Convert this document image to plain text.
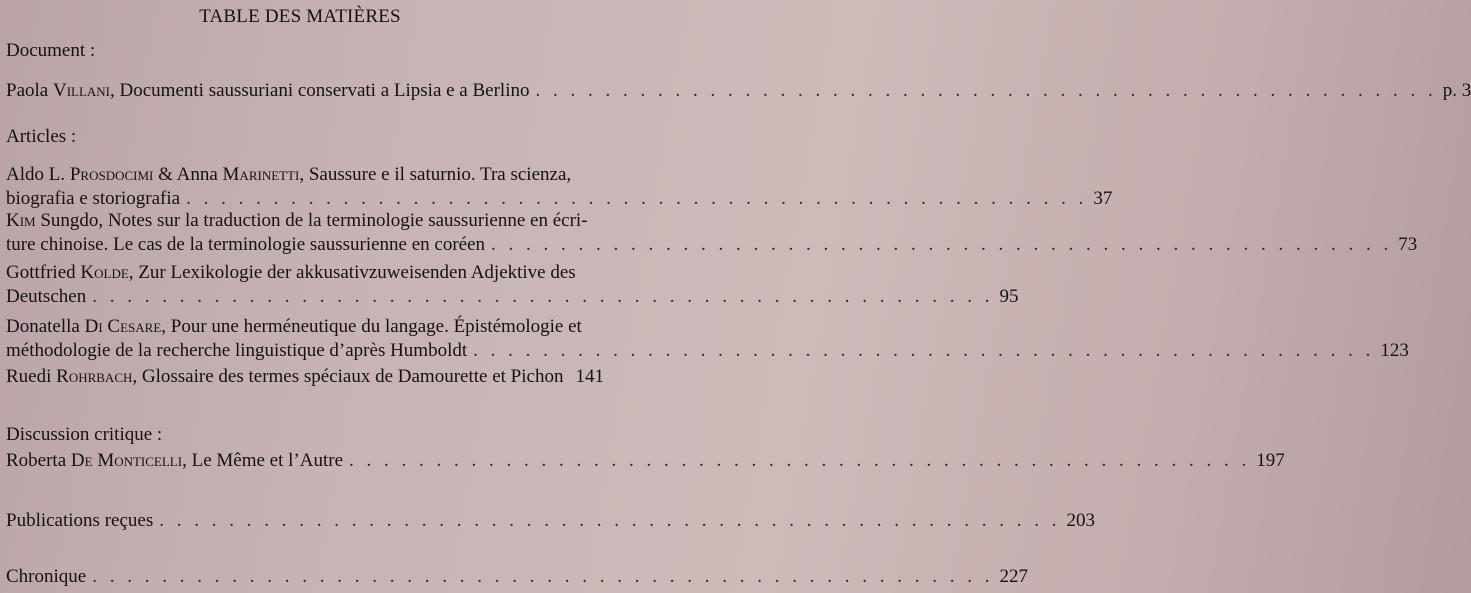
TABLE DES MATIÈRES
Document :
Paola Villani, Documenti saussuriani conservati a Lipsia e a Berlino . . . . . . . . . . . . . . . . . . . . . . . . . . . . . . . . . . . . . . . . . . . . . . . . . . . . p. 3
Articles :
Aldo L. Prosdocimi & Anna Marinetti, Saussure e il saturnio. Tra scienza,
biografia e storiografia . . . . . . . . . . . . . . . . . . . . . . . . . . . . . . . . . . . . . . . . . . . . . . . . . . . . 37
Kim Sungdo, Notes sur la traduction de la terminologie saussurienne en écri-
ture chinoise. Le cas de la terminologie saussurienne en coréen . . . . . . . . . . . . . . . . . . . . . . . . . . . . . . . . . . . . . . . . . . . . . . . . . . . . 73
Gottfried Kolde, Zur Lexikologie der akkusativzuweisenden Adjektive des
Deutschen . . . . . . . . . . . . . . . . . . . . . . . . . . . . . . . . . . . . . . . . . . . . . . . . . . . . 95
Donatella Di Cesare, Pour une herméneutique du langage. Épistémologie et
méthodologie de la recherche linguistique d’après Humboldt . . . . . . . . . . . . . . . . . . . . . . . . . . . . . . . . . . . . . . . . . . . . . . . . . . . . 123
Ruedi Rohrbach, Glossaire des termes spéciaux de Damourette et Pichon 141
Discussion critique :
Roberta De Monticelli, Le Même et l’Autre . . . . . . . . . . . . . . . . . . . . . . . . . . . . . . . . . . . . . . . . . . . . . . . . . . . . 197
Publications reçues . . . . . . . . . . . . . . . . . . . . . . . . . . . . . . . . . . . . . . . . . . . . . . . . . . . . 203
Chronique . . . . . . . . . . . . . . . . . . . . . . . . . . . . . . . . . . . . . . . . . . . . . . . . . . . . 227
